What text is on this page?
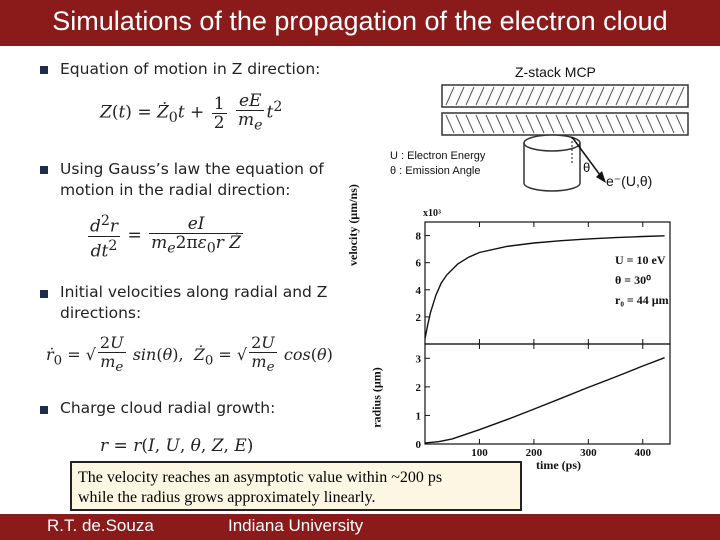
Simulations of the propagation of the electron cloud
Equation of motion in Z direction:
$Z(t) = Ż_0t + \frac{1}{2}$
$\frac{eE}{m_e} t^2$
Using Gauss’s law the equation of
motion in the radial direction:
$\frac{d^2r}{dt^2} = \frac{eI}{m_e2\pi\varepsilon_0r Ż}$
Initial velocities along radial and Z
directions:
ṙ$_0$ = √ $\frac{2U}{m_e} \sin(\theta)$,  $Ż_0$ = √ $\frac{2U}{m_e} \cos(\theta)$
Charge cloud radial growth:
r = r(I, U, θ, Z, E)
Z-stack MCP
U : Electron Energy
θ : Emission Angle	θ
e⁻(U,θ)
2
4
6
8
0
1
2
3
100	200	300	400
x10³
velocity (µm/ns)
radius (µm)
time (ps)
U = 10 eV
θ = 30⁰
r₀ = 44 µm
The velocity reaches an asymptotic value within ~200 ps
while the radius grows approximately linearly.
R.T. de.Souza	Indiana University
